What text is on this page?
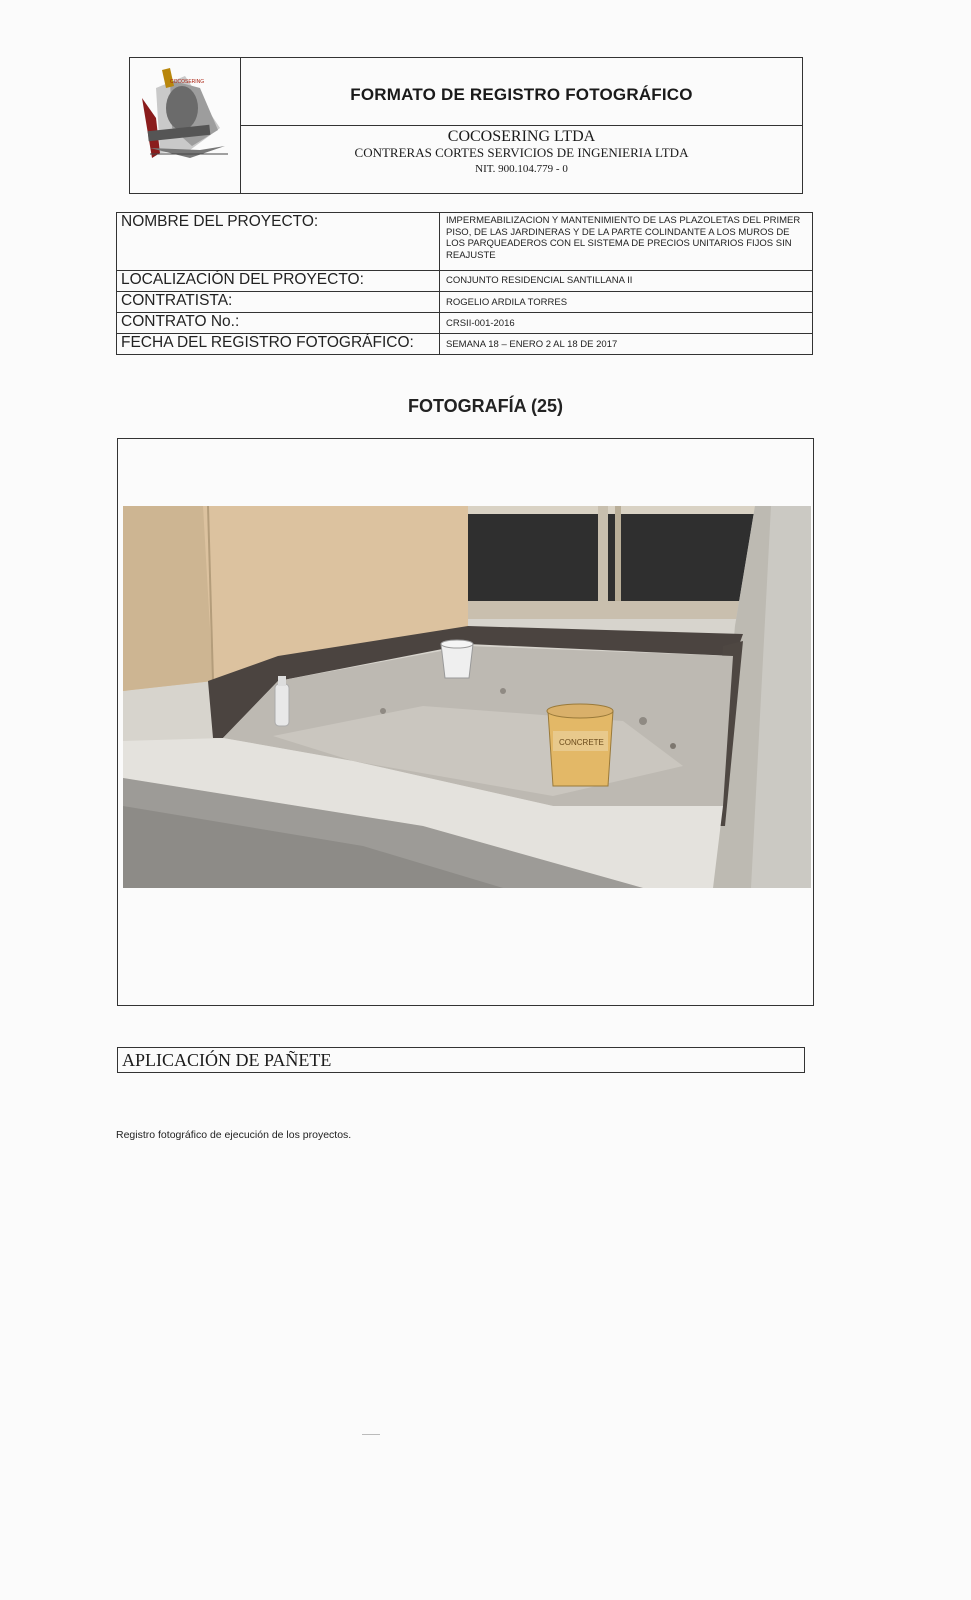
COCOSERING
FORMATO DE REGISTRO FOTOGRÁFICO
COCOSERING LTDA
CONTRERAS CORTES SERVICIOS DE INGENIERIA LTDA
NIT. 900.104.779 - 0
NOMBRE DEL PROYECTO:	IMPERMEABILIZACION Y MANTENIMIENTO DE LAS PLAZOLETAS DEL PRIMER PISO, DE LAS JARDINERAS Y DE LA PARTE COLINDANTE A LOS MUROS DE LOS PARQUEADEROS CON EL SISTEMA DE PRECIOS UNITARIOS FIJOS SIN REAJUSTE
LOCALIZACIÓN DEL PROYECTO:	CONJUNTO RESIDENCIAL SANTILLANA II
CONTRATISTA:	ROGELIO ARDILA TORRES
CONTRATO No.:	CRSII-001-2016
FECHA DEL REGISTRO FOTOGRÁFICO:	SEMANA 18 – ENERO 2 AL 18 DE 2017
FOTOGRAFÍA (25)
CONCRETE
APLICACIÓN DE PAÑETE
Registro fotográfico de ejecución de los proyectos.
